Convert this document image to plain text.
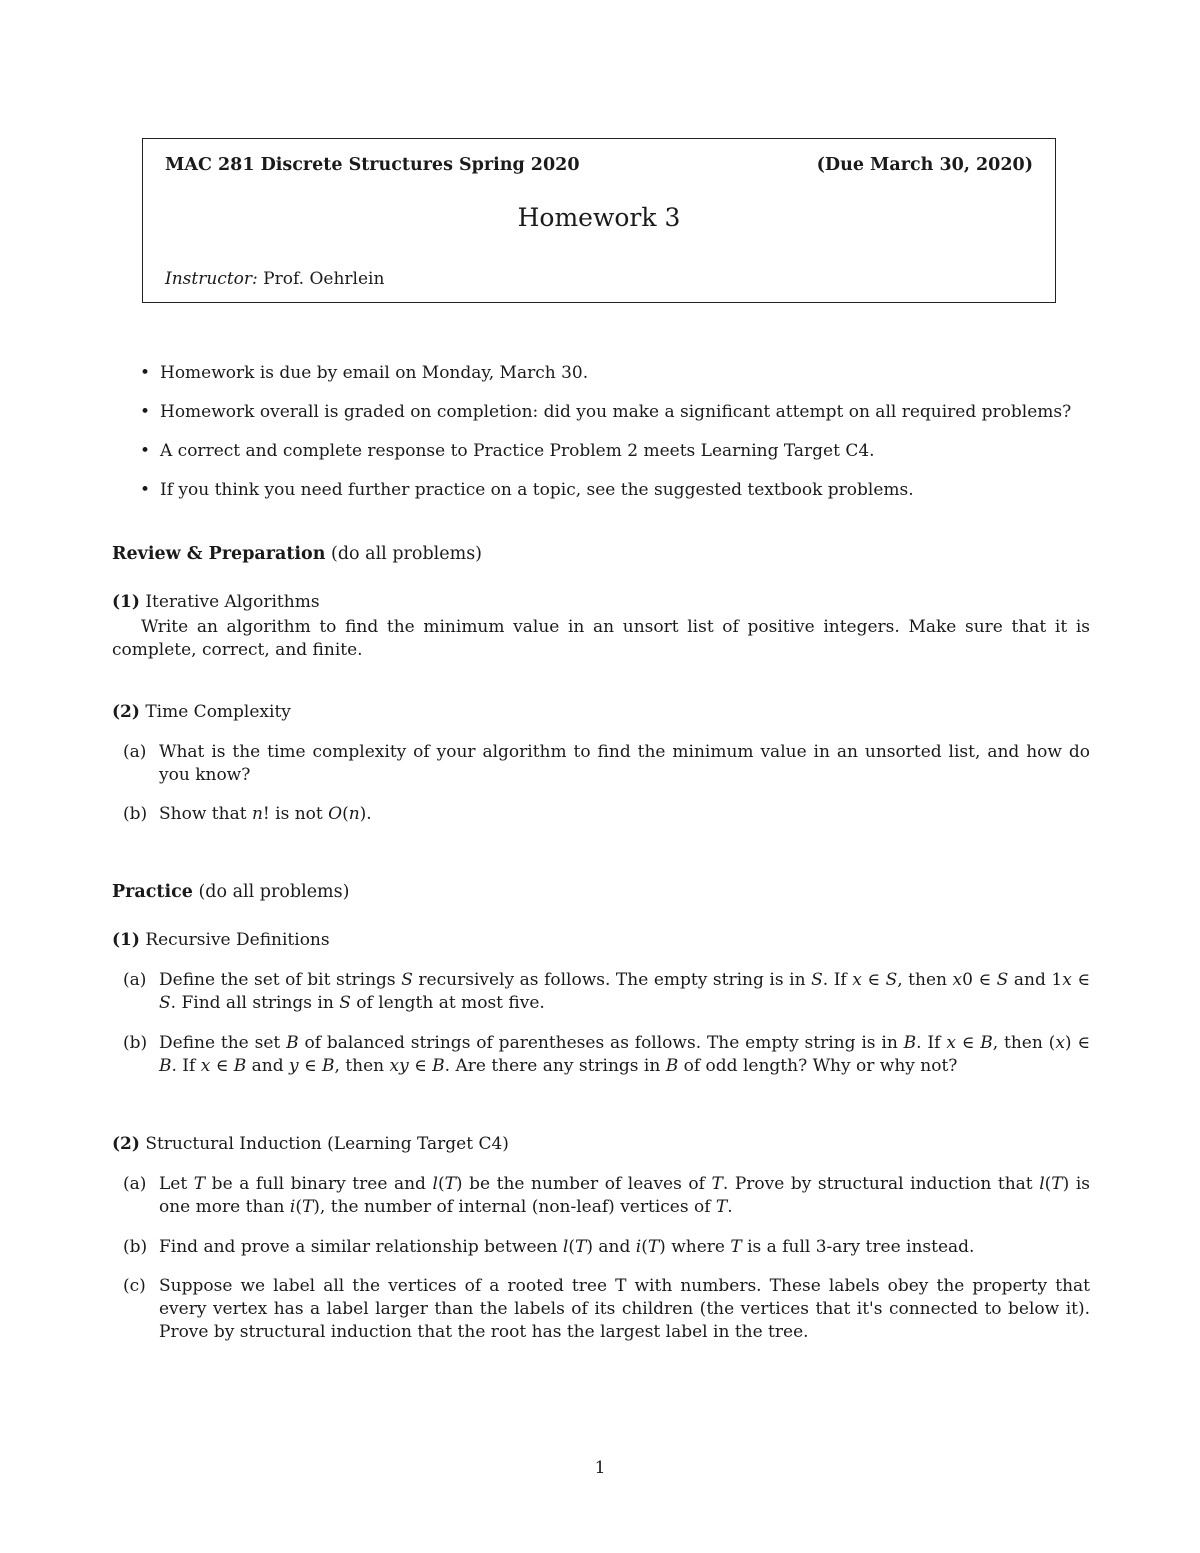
MAC 281 Discrete Structures Spring 2020	(Due March 30, 2020)
Homework 3
Instructor: Prof. Oehrlein
• Homework is due by email on Monday, March 30.
• Homework overall is graded on completion: did you make a significant attempt on all required problems?
• A correct and complete response to Practice Problem 2 meets Learning Target C4.
• If you think you need further practice on a topic, see the suggested textbook problems.
Review & Preparation (do all problems)
(1) Iterative Algorithms
Write an algorithm to find the minimum value in an unsort list of positive integers. Make sure that it is complete, correct, and finite.
(2) Time Complexity
(a) What is the time complexity of your algorithm to find the minimum value in an unsorted list, and how do you know?
(b) Show that n! is not O(n).
Practice (do all problems)
(1) Recursive Definitions
(a) Define the set of bit strings S recursively as follows. The empty string is in S. If x ∈ S, then x0 ∈ S and 1x ∈ S. Find all strings in S of length at most five.
(b) Define the set B of balanced strings of parentheses as follows. The empty string is in B. If x ∈ B, then (x) ∈ B. If x ∈ B and y ∈ B, then xy ∈ B. Are there any strings in B of odd length? Why or why not?
(2) Structural Induction (Learning Target C4)
(a) Let T be a full binary tree and l(T) be the number of leaves of T. Prove by structural induction that l(T) is one more than i(T), the number of internal (non-leaf) vertices of T.
(b) Find and prove a similar relationship between l(T) and i(T) where T is a full 3-ary tree instead.
(c) Suppose we label all the vertices of a rooted tree T with numbers. These labels obey the property that every vertex has a label larger than the labels of its children (the vertices that it's connected to below it). Prove by structural induction that the root has the largest label in the tree.
1
